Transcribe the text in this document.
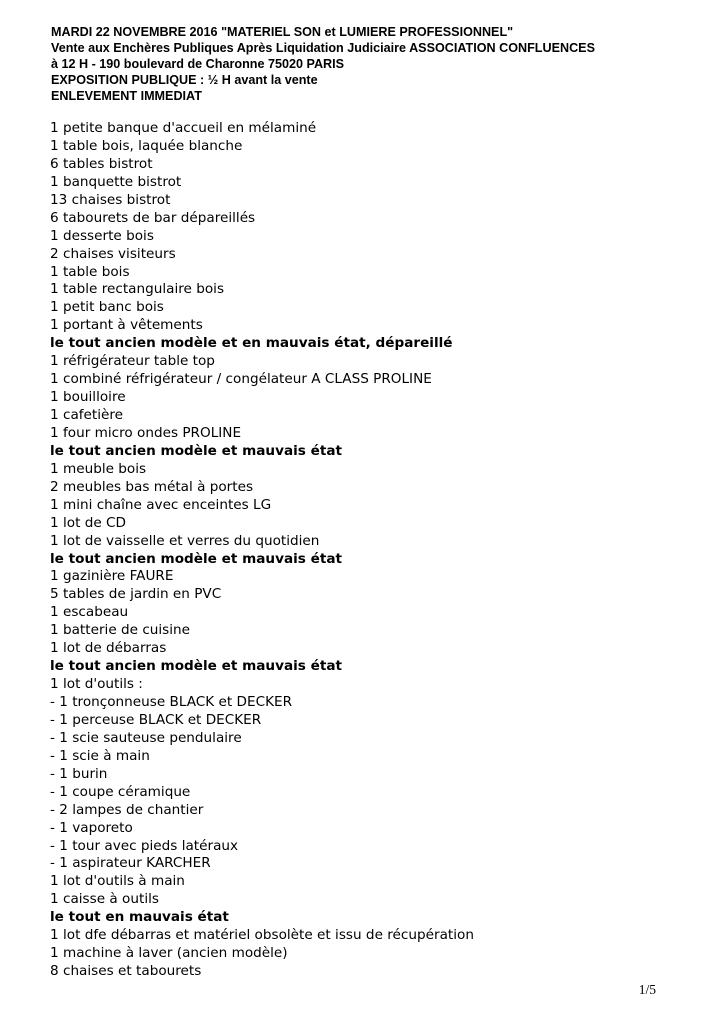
MARDI 22 NOVEMBRE 2016 "MATERIEL SON et LUMIERE PROFESSIONNEL"
Vente aux Enchères Publiques Après Liquidation Judiciaire ASSOCIATION CONFLUENCES
à 12 H - 190 boulevard de Charonne 75020 PARIS
EXPOSITION PUBLIQUE : ½ H avant la vente
ENLEVEMENT IMMEDIAT
1 petite banque d'accueil en mélaminé
1 table bois, laquée blanche
6 tables bistrot
1 banquette bistrot
13 chaises bistrot
6 tabourets de bar dépareillés
1 desserte bois
2 chaises visiteurs
1 table bois
1 table rectangulaire bois
1 petit banc bois
1 portant à vêtements
le tout ancien modèle et en mauvais état, dépareillé
1 réfrigérateur table top
1 combiné réfrigérateur / congélateur A CLASS PROLINE
1 bouilloire
1 cafetière
1 four micro ondes PROLINE
le tout ancien modèle et mauvais état
1 meuble bois
2 meubles bas métal à portes
1 mini chaîne avec enceintes LG
1 lot de CD
1 lot de vaisselle et verres du quotidien
le tout ancien modèle et mauvais état
1 gazinière FAURE
5 tables de jardin en PVC
1 escabeau
1 batterie de cuisine
1 lot de débarras
le tout ancien modèle et mauvais état
1 lot d'outils :
- 1 tronçonneuse BLACK et DECKER
- 1 perceuse BLACK et DECKER
- 1 scie sauteuse pendulaire
- 1 scie à main
- 1 burin
- 1 coupe céramique
- 2 lampes de chantier
- 1 vaporeto
- 1 tour avec pieds latéraux
- 1 aspirateur KARCHER
1 lot d'outils à main
1 caisse à outils
le tout en mauvais état
1 lot dfe débarras et matériel obsolète et issu de récupération
1 machine à laver (ancien modèle)
8 chaises et tabourets
1/5
